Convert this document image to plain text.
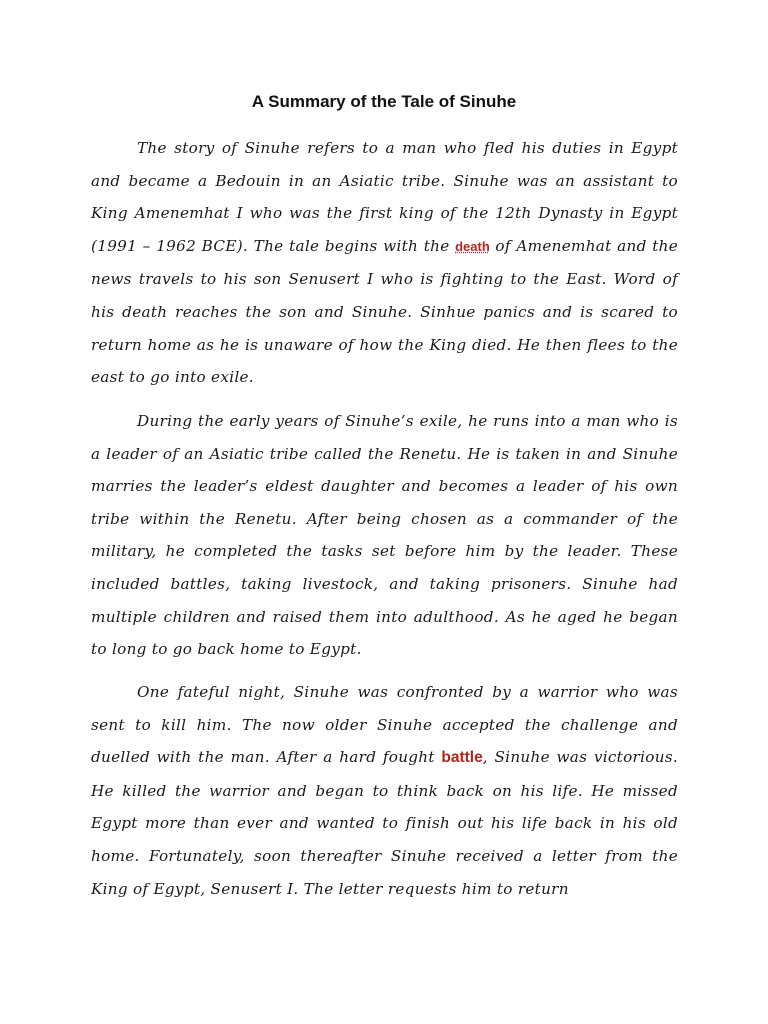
A Summary of the Tale of Sinuhe

The story of Sinuhe refers to a man who fled his duties in Egypt and became a Bedouin in an Asiatic tribe. Sinuhe was an assistant to King Amenemhat I who was the first king of the 12th Dynasty in Egypt (1991 – 1962 BCE). The tale begins with the death of Amenemhat and the news travels to his son Senusert I who is fighting to the East. Word of his death reaches the son and Sinuhe. Sinhue panics and is scared to return home as he is unaware of how the King died. He then flees to the east to go into exile.

During the early years of Sinuhe’s exile, he runs into a man who is a leader of an Asiatic tribe called the Renetu. He is taken in and Sinuhe marries the leader’s eldest daughter and becomes a leader of his own tribe within the Renetu. After being chosen as a commander of the military, he completed the tasks set before him by the leader. These included battles, taking livestock, and taking prisoners. Sinuhe had multiple children and raised them into adulthood. As he aged he began to long to go back home to Egypt.

One fateful night, Sinuhe was confronted by a warrior who was sent to kill him. The now older Sinuhe accepted the challenge and duelled with the man. After a hard fought battle, Sinuhe was victorious. He killed the warrior and began to think back on his life. He missed Egypt more than ever and wanted to finish out his life back in his old home. Fortunately, soon thereafter Sinuhe received a letter from the King of Egypt, Senusert I. The letter requests him to return
